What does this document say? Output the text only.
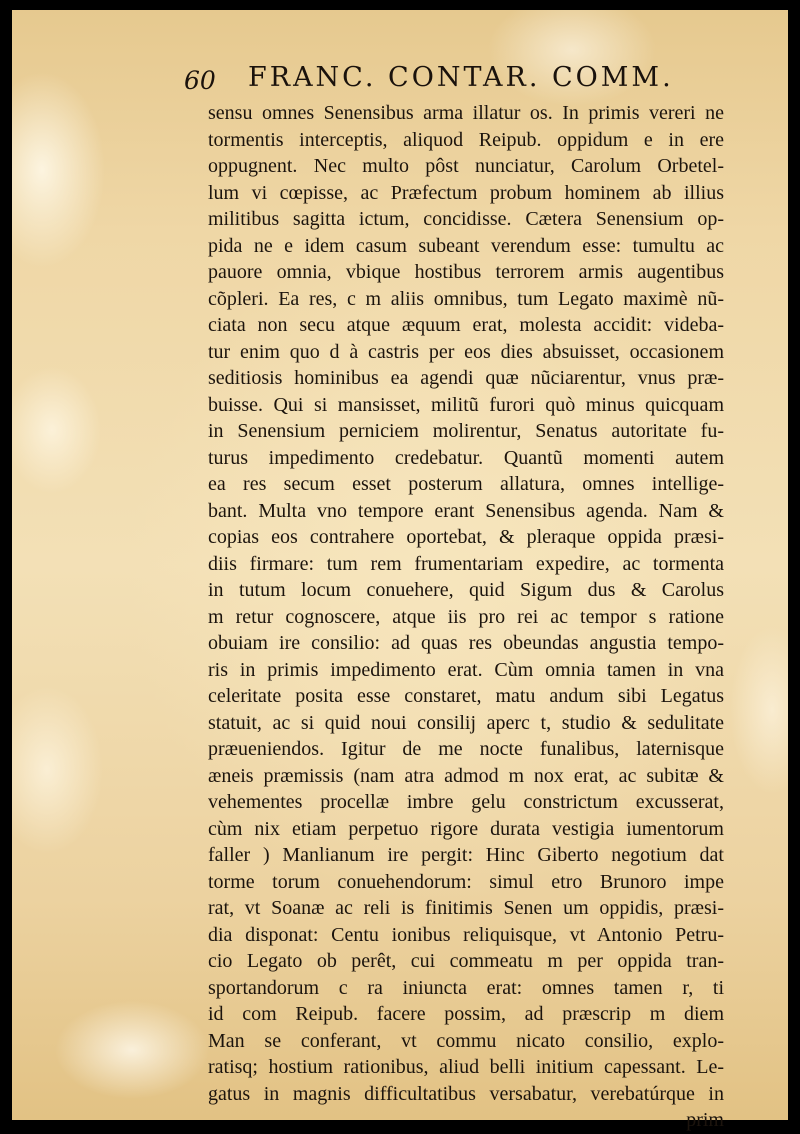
60 FRANC. CONTAR. COMM.
sensu omnes Senensibus arma illatur os. In primis vereri ne
tormentis interceptis, aliquod Reipub. oppidum e in ere
oppugnent. Nec multo pôst nunciatur, Carolum Orbetel-
lum vi cœpisse, ac Præfectum probum hominem ab illius
militibus sagitta ictum, concidisse. Cætera Senensium op-
pida ne e idem casum subeant verendum esse: tumultu ac
pauore omnia, vbique hostibus terrorem armis augentibus
cõpleri. Ea res, c m aliis omnibus, tum Legato maximè nũ-
ciata non secu atque æquum erat, molesta accidit: videba-
tur enim quo d à castris per eos dies absuisset, occasionem
seditiosis hominibus ea agendi quæ nũciarentur, vnus præ-
buisse. Qui si mansisset, militũ furori quò minus quicquam
in Senensium perniciem molirentur, Senatus autoritate fu-
turus impedimento credebatur. Quantũ momenti autem
ea res secum esset posterum allatura, omnes intellige-
bant. Multa vno tempore erant Senensibus agenda. Nam &
copias eos contrahere oportebat, & pleraque oppida præsi-
diis firmare: tum rem frumentariam expedire, ac tormenta
in tutum locum conuehere, quid Sigum dus & Carolus
m retur cognoscere, atque iis pro rei ac tempor s ratione
obuiam ire consilio: ad quas res obeundas angustia tempo-
ris in primis impedimento erat. Cùm omnia tamen in vna
celeritate posita esse constaret, matu andum sibi Legatus
statuit, ac si quid noui consilij aperc t, studio & sedulitate
præueniendos. Igitur de me noctе funalibus, laternisque
æneis præmissis (nam atra admod m nox erat, ac subitæ &
vehementes procellæ imbre gelu constrictum excusserat,
cùm nix etiam perpetuo rigore durata vestigia iumentorum
faller ) Manlianum ire pergit: Hinc Giberto negotium dat
torme torum conuehendorum: simul etro Brunoro impe
rat, vt Soanæ ac reli is finitimis Senen um oppidis, præsi-
dia disponat: Centu ionibus reliquisque, vt Antonio Petru-
cio Legato ob perêt, cui commeatu m per oppida tran-
sportandorum c ra iniuncta erat: omnes tamen r, ti
id com Reipub. facere possim, ad præscrip m diem
Man se conferant, vt commu nicato consilio, explo-
ratisq; hostium rationibus, aliud belli initium capessant. Le-
gatus in magnis difficultatibus versabatur, verebatúrque in
prim
